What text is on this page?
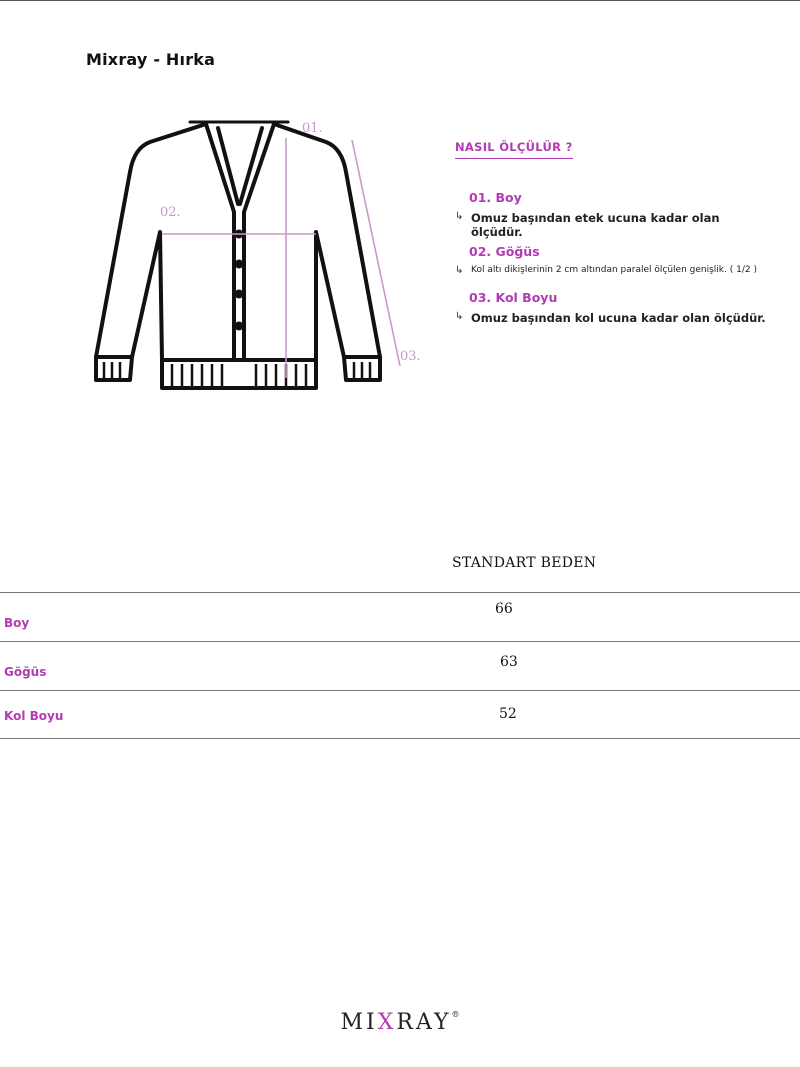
Mixray - Hırka
01.
02.
03.
NASIL ÖLÇÜLÜR ?
01. Boy
↳ Omuz başından etek ucuna kadar olan ölçüdür.
02. Göğüs
↳ Kol altı dikişlerinin 2 cm altından paralel ölçülen genişlik. ( 1/2 )
03. Kol Boyu
↳ Omuz başından kol ucuna kadar olan ölçüdür.
STANDART BEDEN
Boy
66
Göğüs
63
Kol Boyu	52
MIXRAY®
